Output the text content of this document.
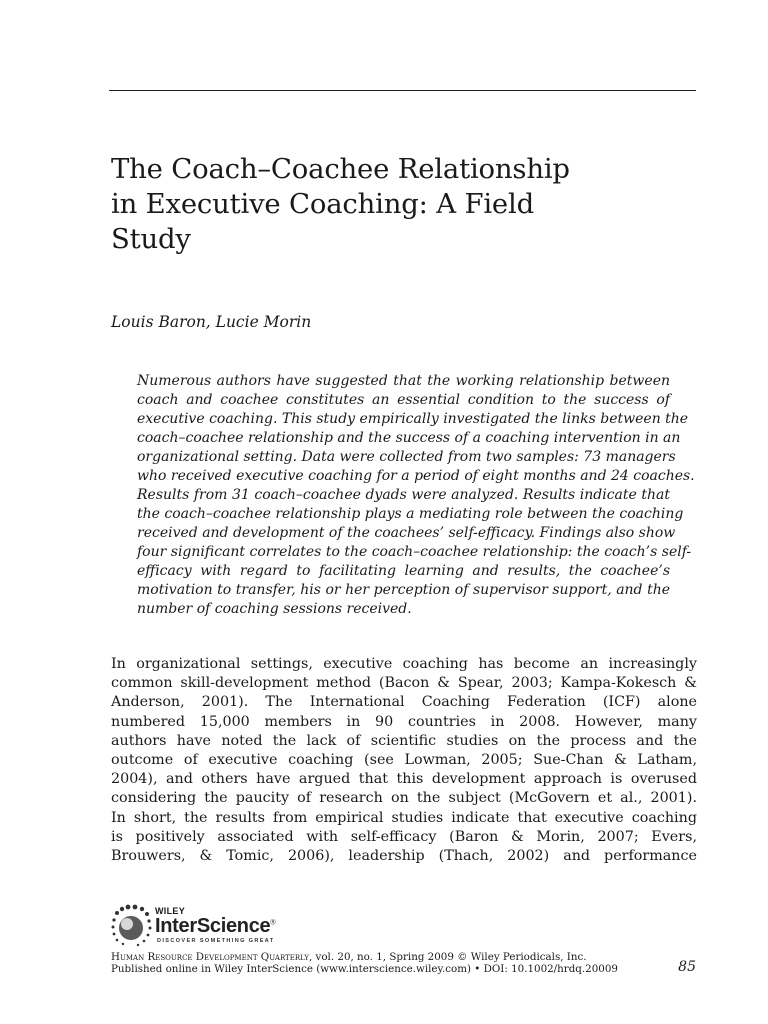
The Coach–Coachee Relationship
in Executive Coaching: A Field
Study

Louis Baron, Lucie Morin

Numerous authors have suggested that the working relationship between
coach and coachee constitutes an essential condition to the success of
executive coaching. This study empirically investigated the links between the
coach–coachee relationship and the success of a coaching intervention in an
organizational setting. Data were collected from two samples: 73 managers
who received executive coaching for a period of eight months and 24 coaches.
Results from 31 coach–coachee dyads were analyzed. Results indicate that
the coach–coachee relationship plays a mediating role between the coaching
received and development of the coachees’ self-efficacy. Findings also show
four significant correlates to the coach–coachee relationship: the coach’s self-
efficacy with regard to facilitating learning and results, the coachee’s
motivation to transfer, his or her perception of supervisor support, and the
number of coaching sessions received.

In organizational settings, executive coaching has become an increasingly
common skill-development method (Bacon & Spear, 2003; Kampa-Kokesch &
Anderson, 2001). The International Coaching Federation (ICF) alone
numbered 15,000 members in 90 countries in 2008. However, many
authors have noted the lack of scientific studies on the process and the
outcome of executive coaching (see Lowman, 2005; Sue-Chan & Latham,
2004), and others have argued that this development approach is overused
considering the paucity of research on the subject (McGovern et al., 2001).
In short, the results from empirical studies indicate that executive coaching
is positively associated with self-efficacy (Baron & Morin, 2007; Evers,
Brouwers, & Tomic, 2006), leadership (Thach, 2002) and performance

WILEY
InterScience®
DISCOVER SOMETHING GREAT

Human Resource Development Quarterly, vol. 20, no. 1, Spring 2009 © Wiley Periodicals, Inc.
Published online in Wiley InterScience (www.interscience.wiley.com) • DOI: 10.1002/hrdq.20009	85
